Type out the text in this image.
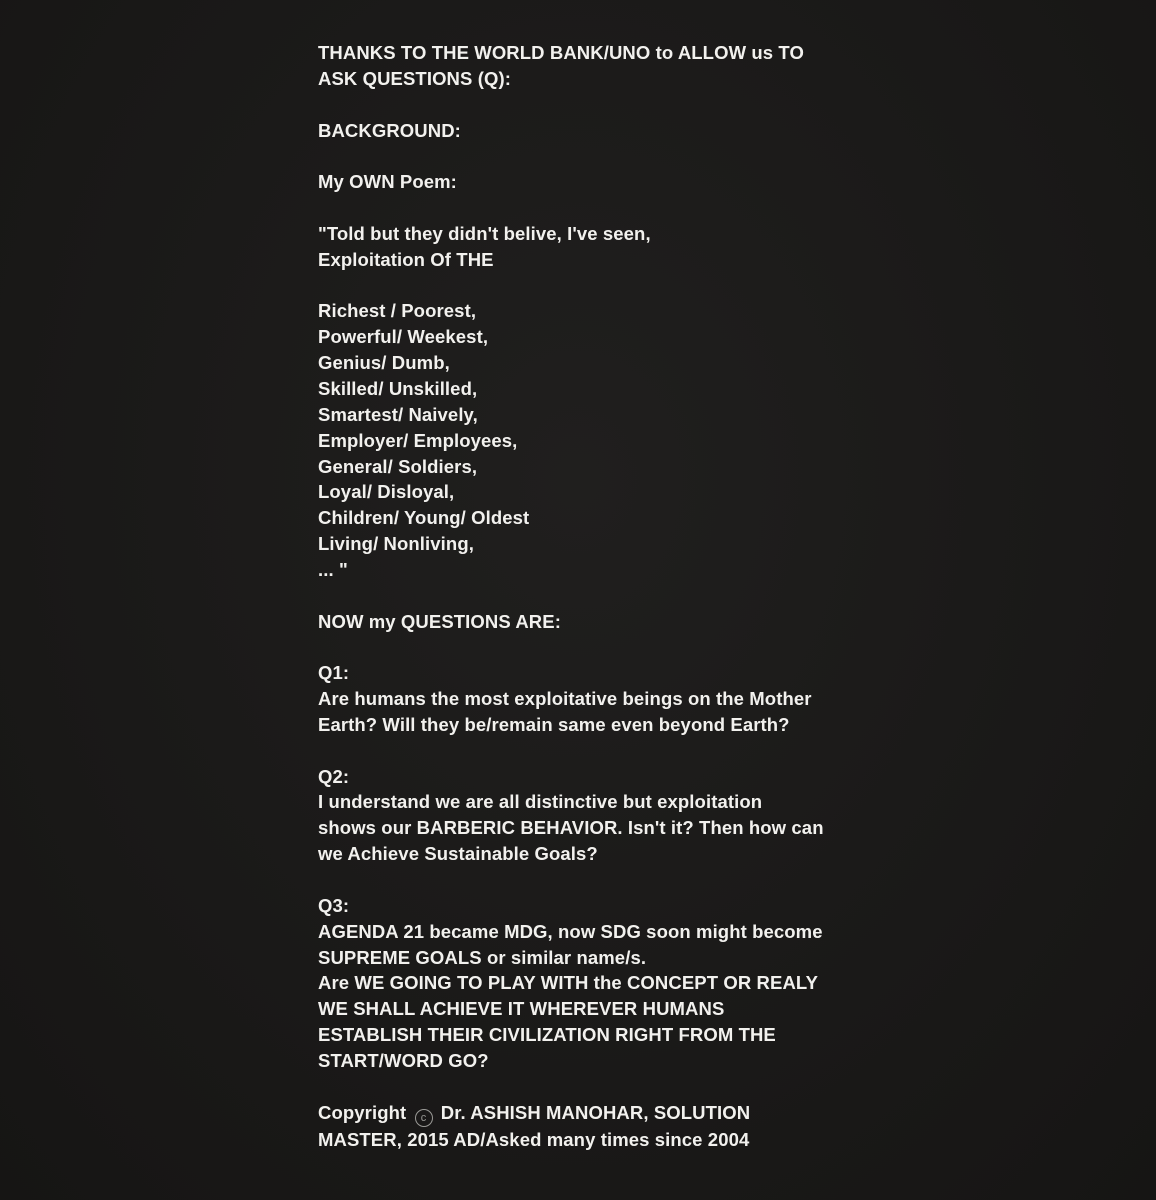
THANKS TO THE WORLD BANK/UNO to ALLOW us TO
ASK QUESTIONS (Q):
BACKGROUND:
My OWN Poem:
"Told but they didn't belive, I've seen,
Exploitation Of THE
Richest / Poorest,
Powerful/ Weekest,
Genius/ Dumb,
Skilled/ Unskilled,
Smartest/ Naively,
Employer/ Employees,
General/ Soldiers,
Loyal/ Disloyal,
Children/ Young/ Oldest
Living/ Nonliving,
... "
NOW my QUESTIONS ARE:
Q1:
Are humans the most exploitative beings on the Mother
Earth? Will they be/remain same even beyond Earth?
Q2:
I understand we are all distinctive but exploitation
shows our BARBERIC BEHAVIOR. Isn't it? Then how can
we Achieve Sustainable Goals?
Q3:
AGENDA 21 became MDG, now SDG soon might become
SUPREME GOALS or similar name/s.
Are WE GOING TO PLAY WITH the CONCEPT OR REALY
WE SHALL ACHIEVE IT WHEREVER HUMANS
ESTABLISH THEIR CIVILIZATION RIGHT FROM THE
START/WORD GO?
Copyright c Dr. ASHISH MANOHAR, SOLUTION
MASTER, 2015 AD/Asked many times since 2004
